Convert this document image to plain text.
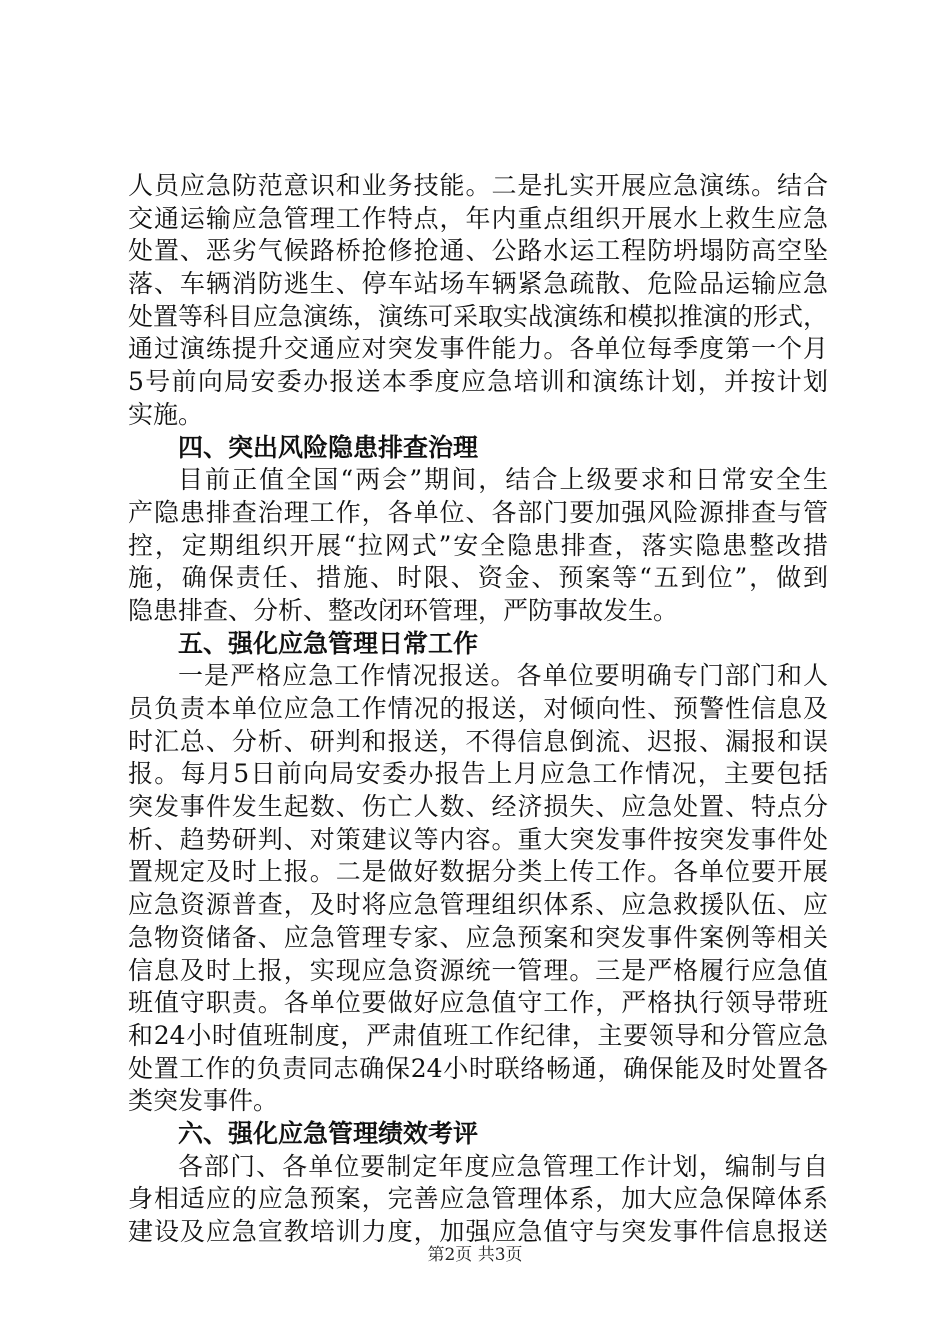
人员应急防范意识和业务技能。二是扎实开展应急演练。结合
交通运输应急管理工作特点，年内重点组织开展水上救生应急
处置、恶劣气候路桥抢修抢通、公路水运工程防坍塌防高空坠
落、车辆消防逃生、停车站场车辆紧急疏散、危险品运输应急
处置等科目应急演练，演练可采取实战演练和模拟推演的形式，
通过演练提升交通应对突发事件能力。各单位每季度第一个月
5号前向局安委办报送本季度应急培训和演练计划，并按计划
实施。
四、突出风险隐患排查治理
目前正值全国“两会”期间，结合上级要求和日常安全生
产隐患排查治理工作，各单位、各部门要加强风险源排查与管
控，定期组织开展“拉网式”安全隐患排查，落实隐患整改措
施，确保责任、措施、时限、资金、预案等“五到位”，做到
隐患排查、分析、整改闭环管理，严防事故发生。
五、强化应急管理日常工作
一是严格应急工作情况报送。各单位要明确专门部门和人
员负责本单位应急工作情况的报送，对倾向性、预警性信息及
时汇总、分析、研判和报送，不得信息倒流、迟报、漏报和误
报。每月5日前向局安委办报告上月应急工作情况，主要包括
突发事件发生起数、伤亡人数、经济损失、应急处置、特点分
析、趋势研判、对策建议等内容。重大突发事件按突发事件处
置规定及时上报。二是做好数据分类上传工作。各单位要开展
应急资源普查，及时将应急管理组织体系、应急救援队伍、应
急物资储备、应急管理专家、应急预案和突发事件案例等相关
信息及时上报，实现应急资源统一管理。三是严格履行应急值
班值守职责。各单位要做好应急值守工作，严格执行领导带班
和24小时值班制度，严肃值班工作纪律，主要领导和分管应急
处置工作的负责同志确保24小时联络畅通，确保能及时处置各
类突发事件。
六、强化应急管理绩效考评
各部门、各单位要制定年度应急管理工作计划，编制与自
身相适应的应急预案，完善应急管理体系，加大应急保障体系
建设及应急宣教培训力度，加强应急值守与突发事件信息报送
第2页 共3页
